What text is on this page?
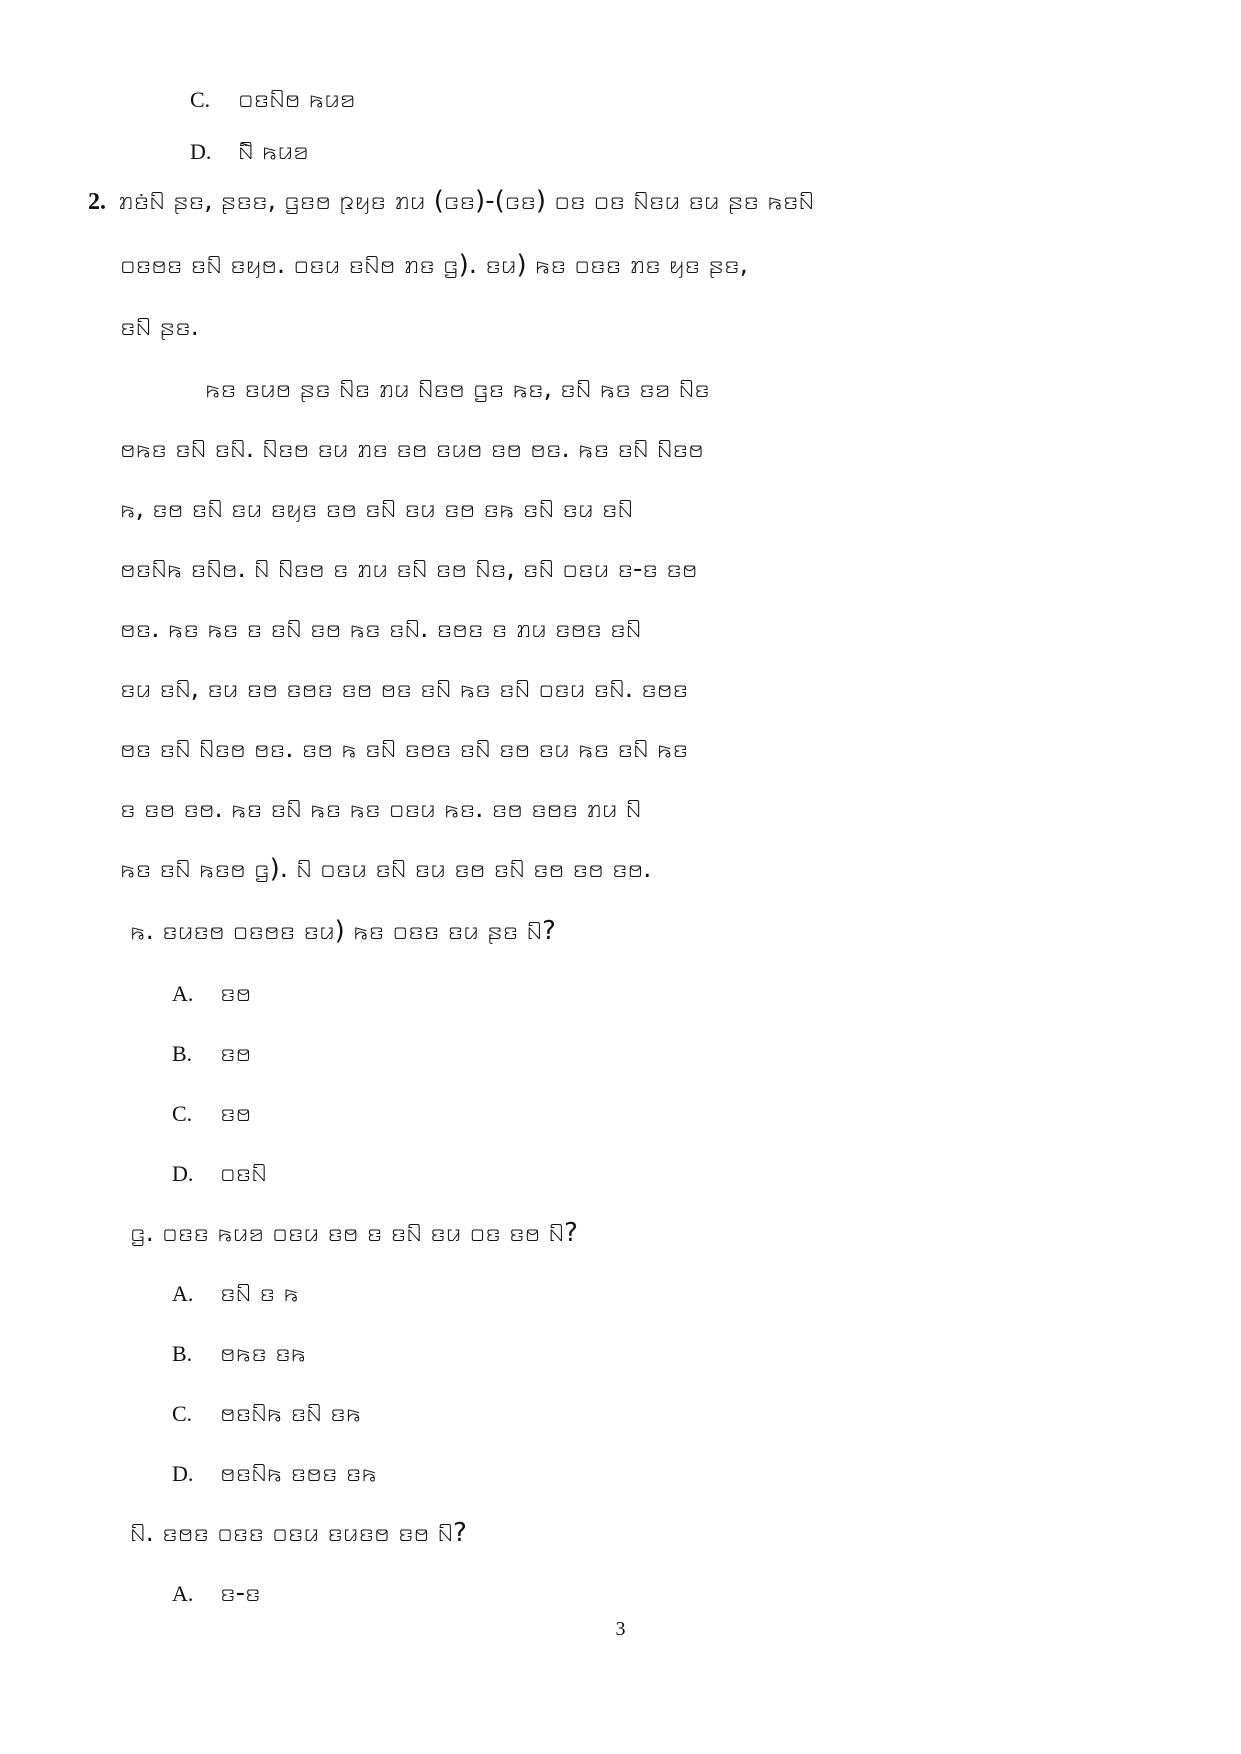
C. ꤀ꤢꤡꤥ ꤒꤣꤤ
D. ꤡꤦꤧ ꤒꤣꤤ
2. ꤊꤢꤦꤡ ꤔꤢ, ꤔꤢꤢ, ꤞꤢꤥ ꤐꤟꤢ ꤊꤣ (ꤍꤢ)-(ꤍꤢ) ꤀ꤢ ꤀ꤢ ꤡꤢꤣ ꤢꤣ ꤔꤢ ꤒꤢꤡ
꤀ꤢꤥꤢ ꤢꤡ ꤢꤟꤥ. ꤀ꤢꤣ ꤢꤡꤥ ꤊꤢ ꤞ). ꤢꤣ) ꤒꤢ ꤀ꤢꤢ ꤊꤢ ꤟꤢ ꤔꤢ,
ꤢꤡ ꤔꤢ.
ꤒꤢ ꤢꤣꤥ ꤔꤢ ꤡꤢ ꤊꤣ ꤡꤢꤥ ꤞꤢ ꤒꤢ, ꤢꤡ ꤒꤢ ꤢꤤ ꤡꤢ
ꤥꤒꤢ ꤢꤡ ꤢꤡ. ꤡꤢꤥ ꤢꤣ ꤊꤢ ꤢꤥ ꤢꤣꤥ ꤢꤥ ꤥꤢ. ꤒꤢ ꤢꤡ ꤡꤢꤥ
ꤒ, ꤢꤥ ꤢꤡ ꤢꤣ ꤢꤟꤢ ꤢꤥ ꤢꤡ ꤢꤣ ꤢꤥ ꤢꤒ ꤢꤡ ꤢꤣ ꤢꤡ
ꤥꤢꤡꤒ ꤢꤡꤥ. ꤡ ꤡꤢꤥ ꤢ ꤊꤣ ꤢꤡ ꤢꤥ ꤡꤢ, ꤢꤡ ꤀ꤢꤣ ꤢ-ꤢ ꤢꤥ
ꤥꤢ. ꤒꤢ ꤒꤢ ꤢ ꤢꤡ ꤢꤥ ꤒꤢ ꤢꤡ. ꤢꤥꤢ ꤢ ꤊꤣ ꤢꤥꤢ ꤢꤡ
ꤢꤣ ꤢꤡ, ꤢꤣ ꤢꤥ ꤢꤥꤢ ꤢꤥ ꤥꤢ ꤢꤡ ꤒꤢ ꤢꤡ ꤀ꤢꤣ ꤢꤡ. ꤢꤥꤢ
ꤥꤢ ꤢꤡ ꤡꤢꤥ ꤥꤢ. ꤢꤥ ꤒ ꤢꤡ ꤢꤥꤢ ꤢꤡ ꤢꤥ ꤢꤣ ꤒꤢ ꤢꤡ ꤒꤢ
ꤢ ꤢꤥ ꤢꤥ. ꤒꤢ ꤢꤡ ꤒꤢ ꤒꤢ ꤀ꤢꤣ ꤒꤢ. ꤢꤥ ꤢꤥꤢ ꤊꤣ ꤡ
ꤒꤢ ꤢꤡ ꤒꤢꤥ ꤞ). ꤡ ꤀ꤢꤣ ꤢꤡ ꤢꤣ ꤢꤥ ꤢꤡ ꤢꤥ ꤢꤥ ꤢꤥ.
ꤒ. ꤢꤣꤢꤥ ꤀ꤢꤥꤢ ꤢꤣ) ꤒꤢ ꤀ꤢꤢ ꤢꤣ ꤔꤢ ꤡ?
A. ꤢꤥ
B. ꤢꤥ
C. ꤢꤥ
D. ꤀ꤢꤡ
ꤞ. ꤀ꤢꤢ ꤒꤣꤤ ꤀ꤢꤣ ꤢꤥ ꤢ ꤢꤡ ꤢꤣ ꤀ꤢ ꤢꤥ ꤡ?
A. ꤢꤡ ꤢ ꤒ
B. ꤥꤒꤢ ꤢꤒ
C. ꤥꤢꤡꤒ ꤢꤡ ꤢꤒ
D. ꤥꤢꤡꤒ ꤢꤥꤢ ꤢꤒ
ꤡ. ꤢꤥꤢ ꤀ꤢꤢ ꤀ꤢꤣ ꤢꤣꤢꤥ ꤢꤥ ꤡ?
A. ꤢ-ꤢ
3
